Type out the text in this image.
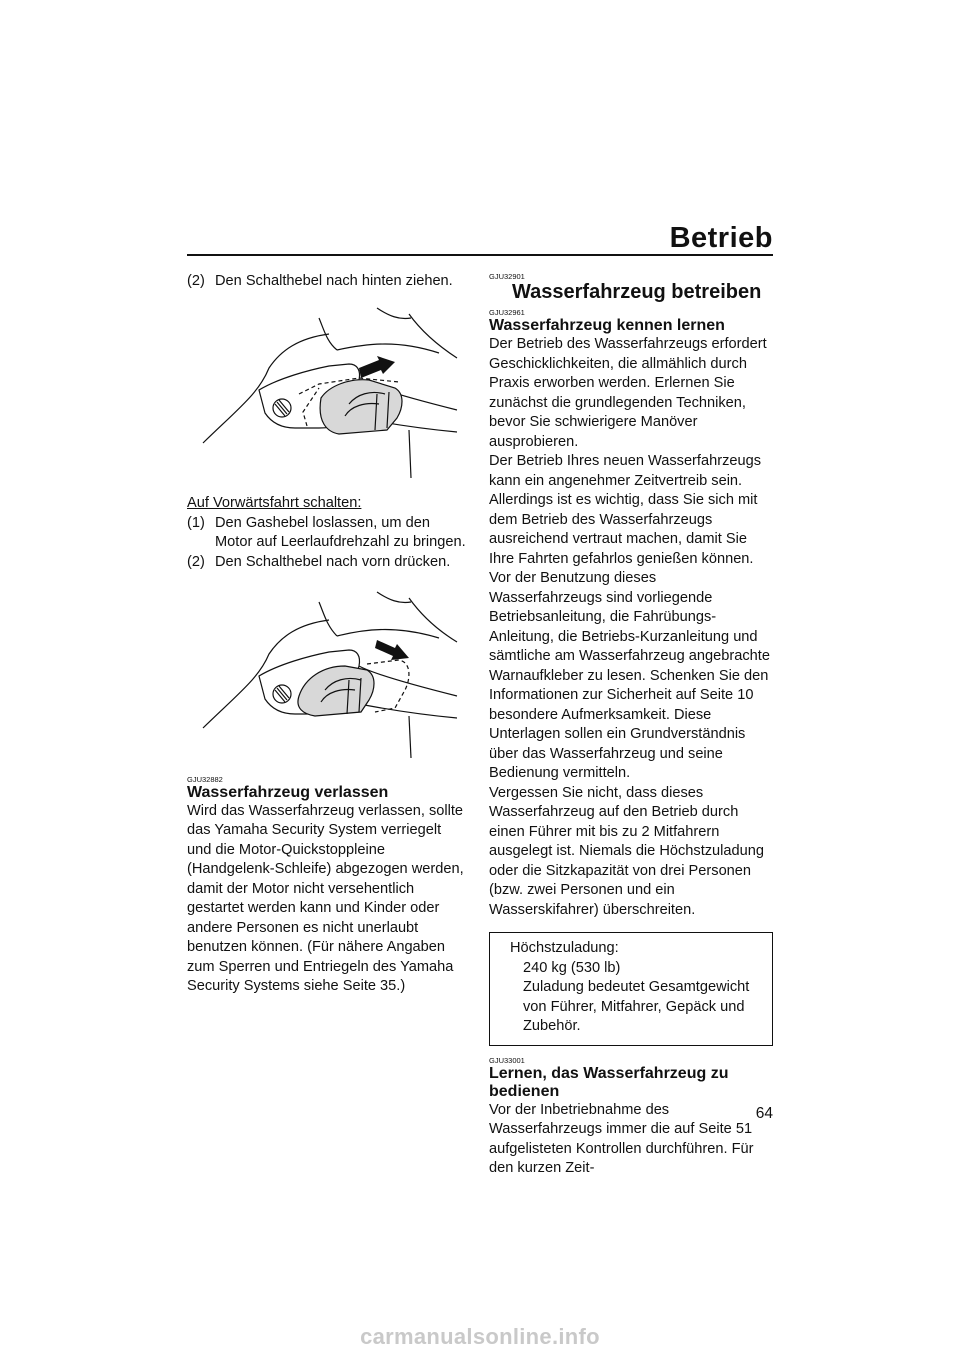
Betrieb
(2) Den Schalthebel nach hinten ziehen.

Auf Vorwärtsfahrt schalten:

(1) Den Gashebel loslassen, um den Motor auf Leerlaufdrehzahl zu bringen.
(2) Den Schalthebel nach vorn drücken.

GJU32882

Wasserfahrzeug verlassen

Wird das Wasserfahrzeug verlassen, sollte das Yamaha Security System verriegelt und die Motor-Quickstoppleine (Handgelenk-Schleife) abgezogen werden, damit der Motor nicht versehentlich gestartet werden kann und Kinder oder andere Personen es nicht unerlaubt benutzen können. (Für nähere Angaben zum Sperren und Entriegeln des Yamaha Security Systems siehe Seite 35.)

GJU32901

Wasserfahrzeug betreiben

GJU32961

Wasserfahrzeug kennen lernen

Der Betrieb des Wasserfahrzeugs erfordert Geschicklichkeiten, die allmählich durch Praxis erworben werden. Erlernen Sie zunächst die grundlegenden Techniken, bevor Sie schwierigere Manöver ausprobieren.

Der Betrieb Ihres neuen Wasserfahrzeugs kann ein angenehmer Zeitvertreib sein. Allerdings ist es wichtig, dass Sie sich mit dem Betrieb des Wasserfahrzeugs ausreichend vertraut machen, damit Sie Ihre Fahrten gefahrlos genießen können.

Vor der Benutzung dieses Wasserfahrzeugs sind vorliegende Betriebsanleitung, die Fahrübungs-Anleitung, die Betriebs-Kurzanleitung und sämtliche am Wasserfahrzeug angebrachte Warnaufkleber zu lesen. Schenken Sie den Informationen zur Sicherheit auf Seite 10 besondere Aufmerksamkeit. Diese Unterlagen sollen ein Grundverständnis über das Wasserfahrzeug und seine Bedienung vermitteln.

Vergessen Sie nicht, dass dieses Wasserfahrzeug auf den Betrieb durch einen Führer mit bis zu 2 Mitfahrern ausgelegt ist. Niemals die Höchstzuladung oder die Sitzkapazität von drei Personen (bzw. zwei Personen und ein Wasserskifahrer) überschreiten.

Höchstzuladung:

240 kg (530 lb)

Zuladung bedeutet Gesamtgewicht von Führer, Mitfahrer, Gepäck und Zubehör.

GJU33001

Lernen, das Wasserfahrzeug zu bedienen

Vor der Inbetriebnahme des Wasserfahrzeugs immer die auf Seite 51 aufgelisteten Kontrollen durchführen. Für den kurzen Zeit-

64
carmanualsonline.info
